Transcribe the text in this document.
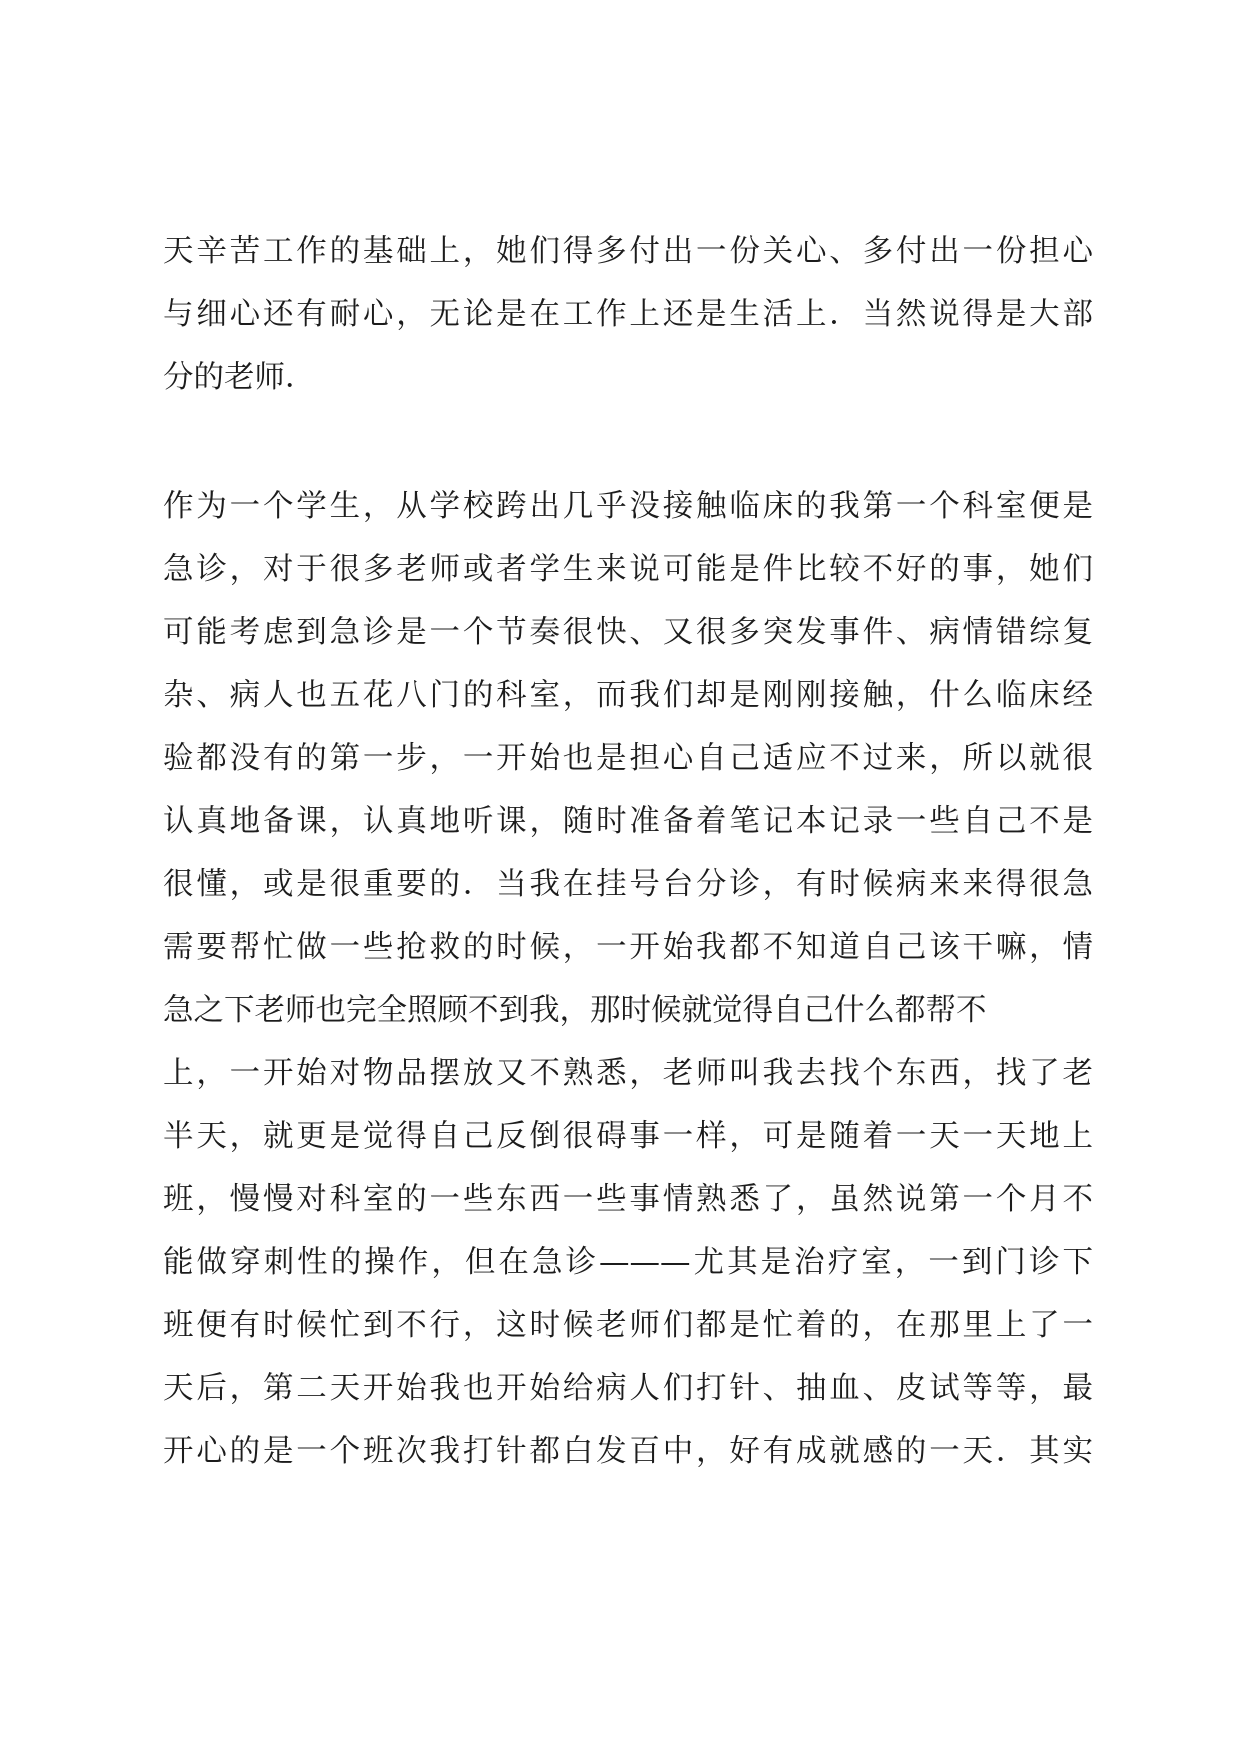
天辛苦工作的基础上，她们得多付出一份关心、多付出一份担心
与细心还有耐心，无论是在工作上还是生活上．当然说得是大部
分的老师．
作为一个学生，从学校跨出几乎没接触临床的我第一个科室便是
急诊，对于很多老师或者学生来说可能是件比较不好的事，她们
可能考虑到急诊是一个节奏很快、又很多突发事件、病情错综复
杂、病人也五花八门的科室，而我们却是刚刚接触，什么临床经
验都没有的第一步，一开始也是担心自己适应不过来，所以就很
认真地备课，认真地听课，随时准备着笔记本记录一些自己不是
很懂，或是很重要的．当我在挂号台分诊，有时候病来来得很急
需要帮忙做一些抢救的时候，一开始我都不知道自己该干嘛，情
急之下老师也完全照顾不到我，那时候就觉得自己什么都帮不
上，一开始对物品摆放又不熟悉，老师叫我去找个东西，找了老
半天，就更是觉得自己反倒很碍事一样，可是随着一天一天地上
班，慢慢对科室的一些东西一些事情熟悉了，虽然说第一个月不
能做穿刺性的操作，但在急诊———尤其是治疗室，一到门诊下
班便有时候忙到不行，这时候老师们都是忙着的，在那里上了一
天后，第二天开始我也开始给病人们打针、抽血、皮试等等，最
开心的是一个班次我打针都白发百中，好有成就感的一天．其实
